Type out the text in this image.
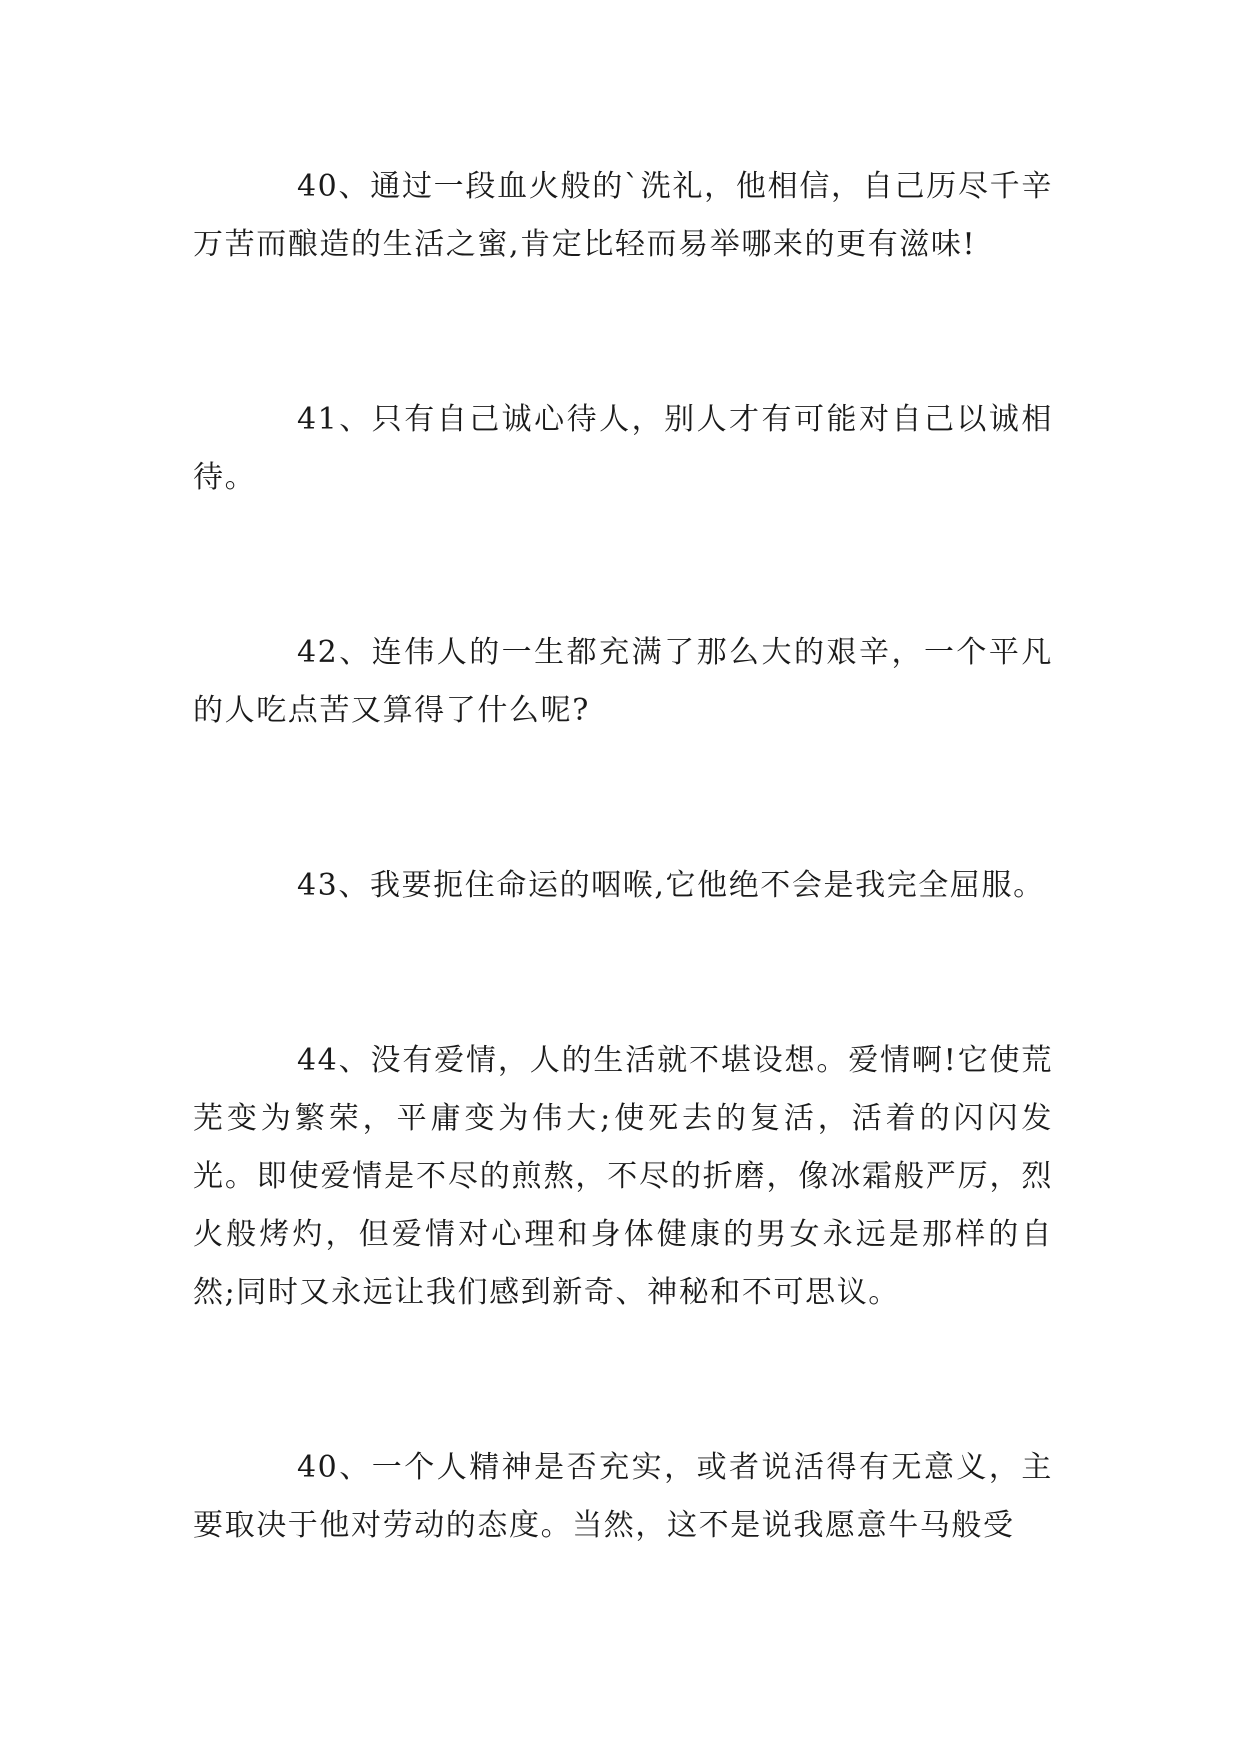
40、通过一段血火般的`洗礼，他相信，自己历尽千辛万苦而酿造的生活之蜜,肯定比轻而易举哪来的更有滋味!

41、只有自己诚心待人，别人才有可能对自己以诚相待。

42、连伟人的一生都充满了那么大的艰辛，一个平凡的人吃点苦又算得了什么呢?

43、我要扼住命运的咽喉,它他绝不会是我完全屈服。

44、没有爱情，人的生活就不堪设想。爱情啊!它使荒芜变为繁荣，平庸变为伟大;使死去的复活，活着的闪闪发光。即使爱情是不尽的煎熬，不尽的折磨，像冰霜般严厉，烈火般烤灼，但爱情对心理和身体健康的男女永远是那样的自然;同时又永远让我们感到新奇、神秘和不可思议。

40、一个人精神是否充实，或者说活得有无意义，主要取决于他对劳动的态度。当然，这不是说我愿意牛马般受
